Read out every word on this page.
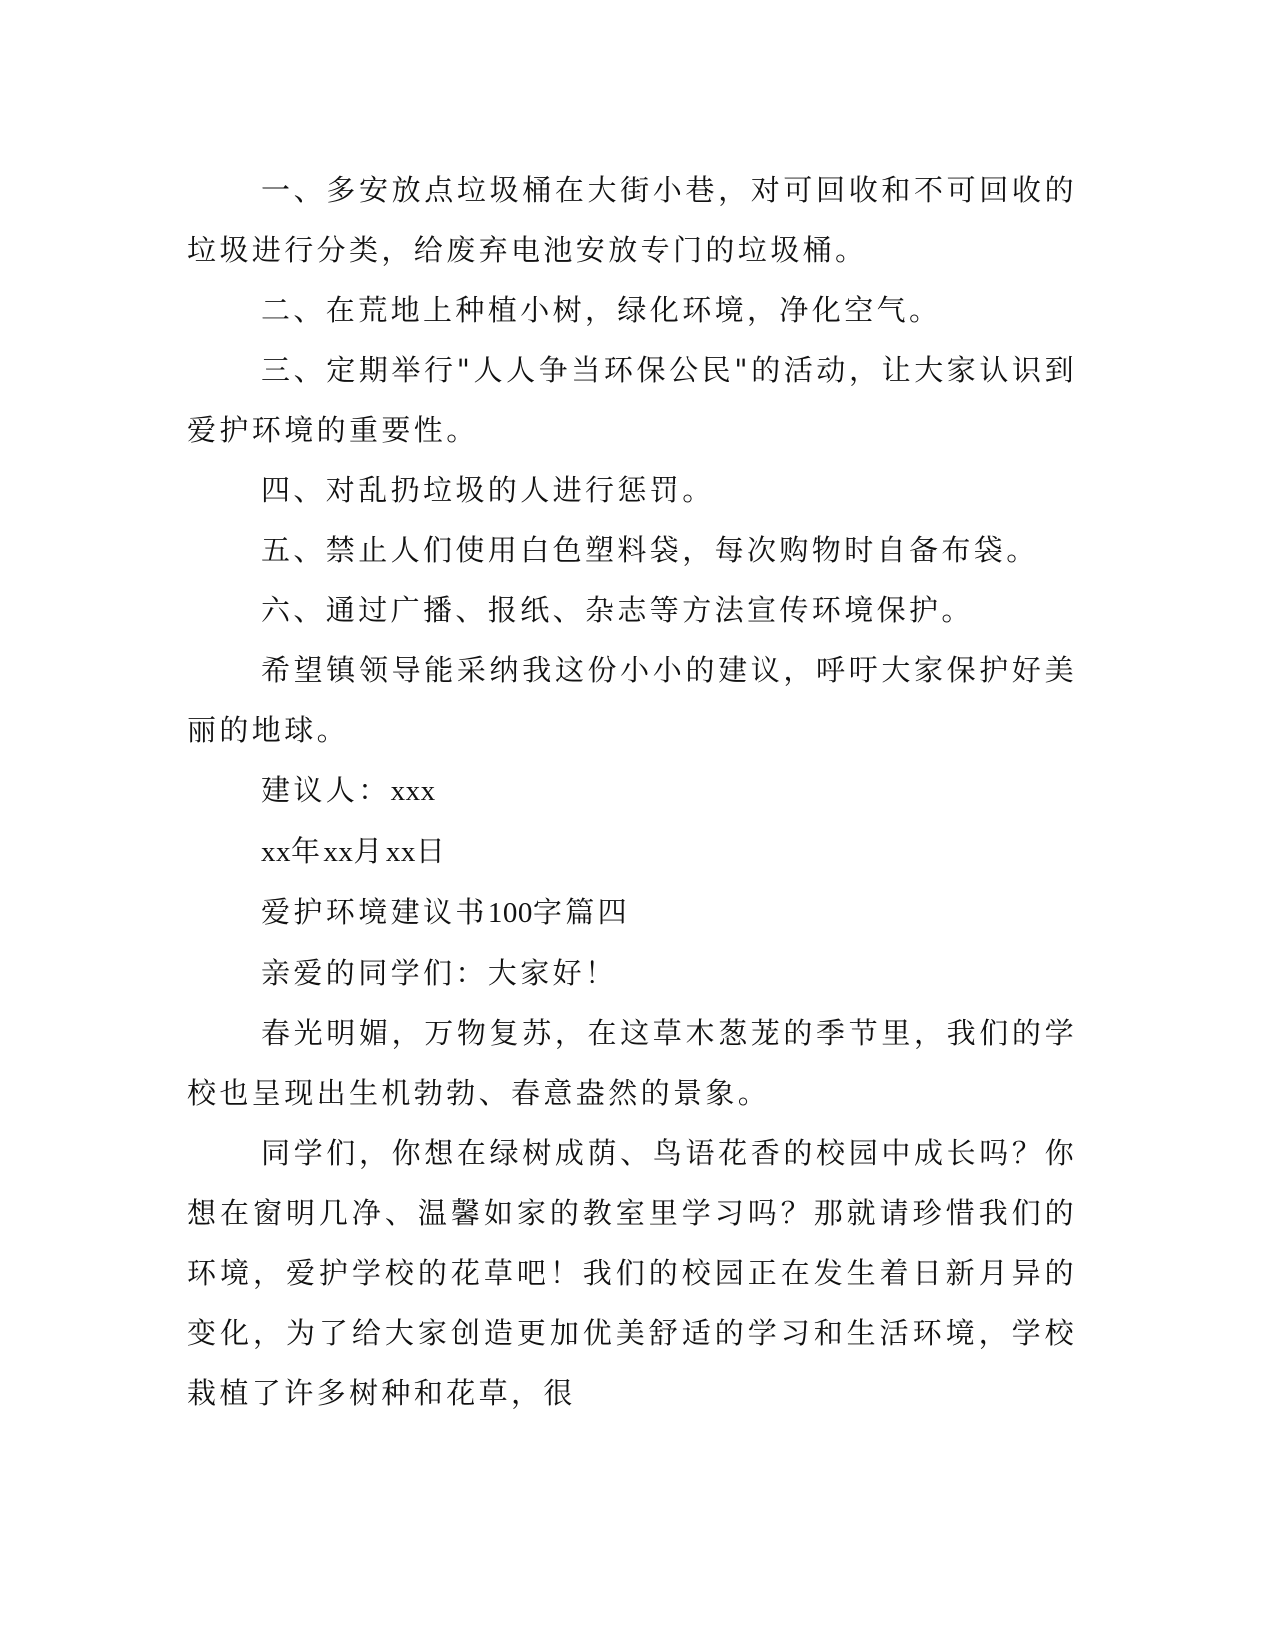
一、多安放点垃圾桶在大街小巷，对可回收和不可回收的垃圾进行分类，给废弃电池安放专门的垃圾桶。

二、在荒地上种植小树，绿化环境，净化空气。

三、定期举行"人人争当环保公民"的活动，让大家认识到爱护环境的重要性。

四、对乱扔垃圾的人进行惩罚。

五、禁止人们使用白色塑料袋，每次购物时自备布袋。

六、通过广播、报纸、杂志等方法宣传环境保护。

希望镇领导能采纳我这份小小的建议，呼吁大家保护好美丽的地球。

建议人：xxx

xx年xx月xx日

爱护环境建议书100字篇四

亲爱的同学们：大家好！

春光明媚，万物复苏，在这草木葱茏的季节里，我们的学校也呈现出生机勃勃、春意盎然的景象。

同学们，你想在绿树成荫、鸟语花香的校园中成长吗？你想在窗明几净、温馨如家的教室里学习吗？那就请珍惜我们的环境，爱护学校的花草吧！我们的校园正在发生着日新月异的变化，为了给大家创造更加优美舒适的学习和生活环境，学校栽植了许多树种和花草，很
